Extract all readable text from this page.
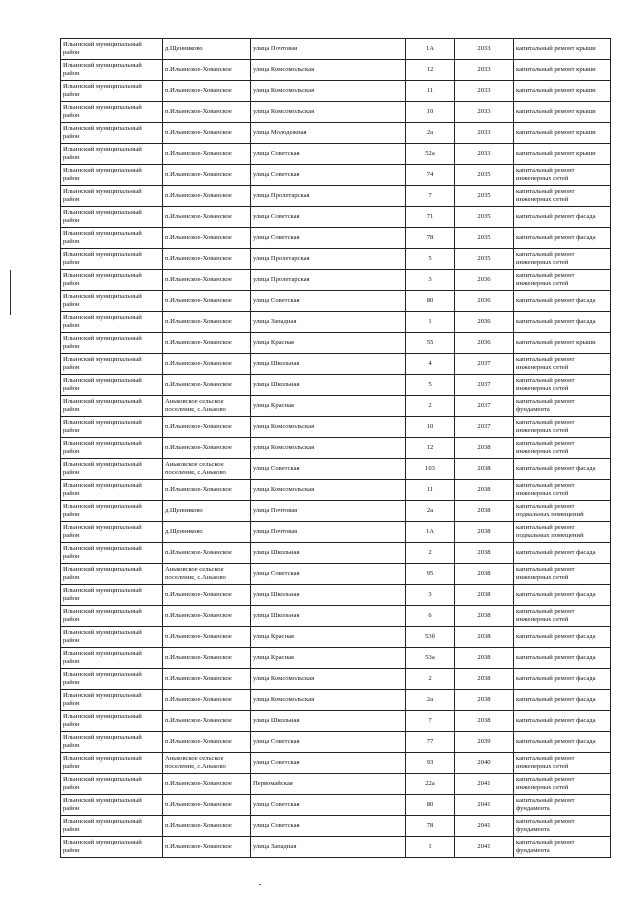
Ильинский муниципальный район	д.Щенниково	улица Почтовая	1А	2033	капитальный ремонт крыши
Ильинский муниципальный район	п.Ильинское-Хованское	улица Комсомольская	12	2033	капитальный ремонт крыши
Ильинский муниципальный район	п.Ильинское-Хованское	улица Комсомольская	11	2033	капитальный ремонт крыши
Ильинский муниципальный район	п.Ильинское-Хованское	улица Комсомольская	10	2033	капитальный ремонт крыши
Ильинский муниципальный район	п.Ильинское-Хованское	улица Молодежная	2а	2033	капитальный ремонт крыши
Ильинский муниципальный район	п.Ильинское-Хованское	улица Советская	52а	2033	капитальный ремонт крыши
Ильинский муниципальный район	п.Ильинское-Хованское	улица Советская	74	2035	капитальный ремонт инженерных сетей
Ильинский муниципальный район	п.Ильинское-Хованское	улица Пролетарская	7	2035	капитальный ремонт инженерных сетей
Ильинский муниципальный район	п.Ильинское-Хованское	улица Советская	71	2035	капитальный ремонт фасада
Ильинский муниципальный район	п.Ильинское-Хованское	улица Советская	78	2035	капитальный ремонт фасада
Ильинский муниципальный район	п.Ильинское-Хованское	улица Пролетарская	5	2035	капитальный ремонт инженерных сетей
Ильинский муниципальный район	п.Ильинское-Хованское	улица Пролетарская	3	2036	капитальный ремонт инженерных сетей
Ильинский муниципальный район	п.Ильинское-Хованское	улица Советская	80	2036	капитальный ремонт фасада
Ильинский муниципальный район	п.Ильинское-Хованское	улица Западная	1	2036	капитальный ремонт фасада
Ильинский муниципальный район	п.Ильинское-Хованское	улица Красная	55	2036	капитальный ремонт крыши
Ильинский муниципальный район	п.Ильинское-Хованское	улица Школьная	4	2037	капитальный ремонт инженерных сетей
Ильинский муниципальный район	п.Ильинское-Хованское	улица Школьная	5	2037	капитальный ремонт инженерных сетей
Ильинский муниципальный район	Аньковское сельское поселение, с.Аньково	улица Красная	2	2037	капитальный ремонт фундамента
Ильинский муниципальный район	п.Ильинское-Хованское	улица Комсомольская	10	2037	капитальный ремонт инженерных сетей
Ильинский муниципальный район	п.Ильинское-Хованское	улица Комсомольская	12	2038	капитальный ремонт инженерных сетей
Ильинский муниципальный район	Аньковское сельское поселение, с.Аньково	улица Советская	103	2038	капитальный ремонт фасада
Ильинский муниципальный район	п.Ильинское-Хованское	улица Комсомольская	11	2038	капитальный ремонт инженерных сетей
Ильинский муниципальный район	д.Щенниково	улица Почтовая	2а	2038	капитальный ремонт подвальных помещений
Ильинский муниципальный район	д.Щенниково	улица Почтовая	1А	2038	капитальный ремонт подвальных помещений
Ильинский муниципальный район	п.Ильинское-Хованское	улица Школьная	2	2038	капитальный ремонт фасада
Ильинский муниципальный район	Аньковское сельское поселение, с.Аньково	улица Советская	95	2038	капитальный ремонт инженерных сетей
Ильинский муниципальный район	п.Ильинское-Хованское	улица Школьная	3	2038	капитальный ремонт фасада
Ильинский муниципальный район	п.Ильинское-Хованское	улица Школьная	6	2038	капитальный ремонт инженерных сетей
Ильинский муниципальный район	п.Ильинское-Хованское	улица Красная	53б	2038	капитальный ремонт фасада
Ильинский муниципальный район	п.Ильинское-Хованское	улица Красная	53а	2038	капитальный ремонт фасада
Ильинский муниципальный район	п.Ильинское-Хованское	улица Комсомольская	2	2038	капитальный ремонт фасада
Ильинский муниципальный район	п.Ильинское-Хованское	улица Комсомольская	2а	2038	капитальный ремонт фасада
Ильинский муниципальный район	п.Ильинское-Хованское	улица Школьная	7	2038	капитальный ремонт фасада
Ильинский муниципальный район	п.Ильинское-Хованское	улица Советская	77	2039	капитальный ремонт фасада
Ильинский муниципальный район	Аньковское сельское поселение, с.Аньково	улица Советская	93	2040	капитальный ремонт инженерных сетей
Ильинский муниципальный район	п.Ильинское-Хованское	Первомайская	22а	2041	капитальный ремонт инженерных сетей
Ильинский муниципальный район	п.Ильинское-Хованское	улица Советская	80	2041	капитальный ремонт фундамента
Ильинский муниципальный район	п.Ильинское-Хованское	улица Советская	78	2041	капитальный ремонт фундамента
Ильинский муниципальный район	п.Ильинское-Хованское	улица Западная	1	2041	капитальный ремонт фундамента
